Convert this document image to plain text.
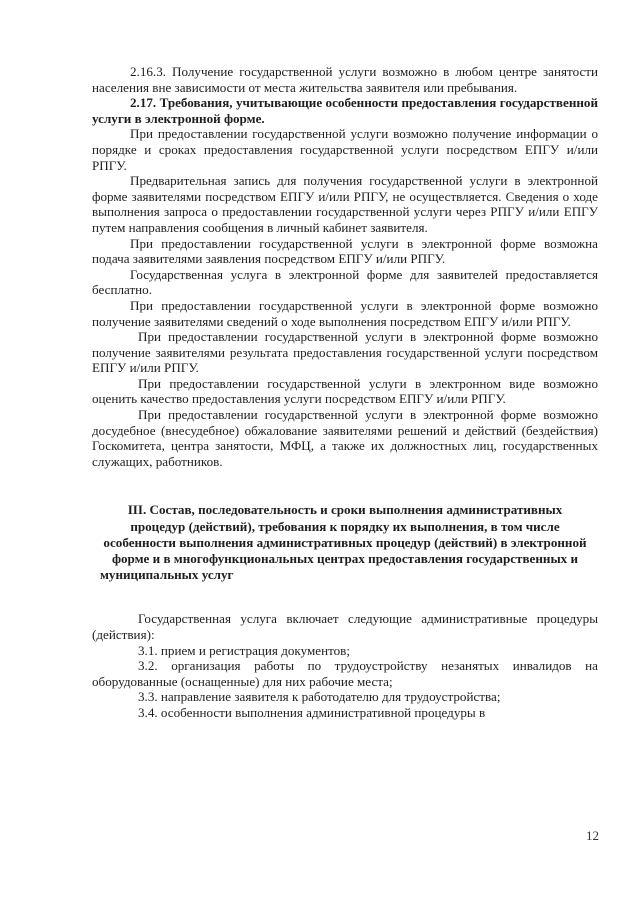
2.16.3. Получение государственной услуги возможно в любом центре занятости населения вне зависимости от места жительства заявителя или пребывания.

2.17. Требования, учитывающие особенности предоставления государственной услуги в электронной форме.

При предоставлении государственной услуги возможно получение информации о порядке и сроках предоставления государственной услуги посредством ЕПГУ и/или РПГУ.

Предварительная запись для получения государственной услуги в электронной форме заявителями посредством ЕПГУ и/или РПГУ, не осуществляется. Сведения о ходе выполнения запроса о предоставлении государственной услуги через РПГУ и/или ЕПГУ путем направления сообщения в личный кабинет заявителя.

При предоставлении государственной услуги в электронной форме возможна подача заявителями заявления посредством ЕПГУ и/или РПГУ.

Государственная услуга в электронной форме для заявителей предоставляется бесплатно.

При предоставлении государственной услуги в электронной форме возможно получение заявителями сведений о ходе выполнения посредством ЕПГУ и/или РПГУ.

При предоставлении государственной услуги в электронной форме возможно получение заявителями результата предоставления государственной услуги посредством ЕПГУ и/или РПГУ.

При предоставлении государственной услуги в электронном виде возможно оценить качество предоставления услуги посредством ЕПГУ и/или РПГУ.

При предоставлении государственной услуги в электронной форме возможно досудебное (внесудебное) обжалование заявителями решений и действий (бездействия) Госкомитета, центра занятости, МФЦ, а также их должностных лиц, государственных служащих, работников.

III. Состав, последовательность и сроки выполнения административных процедур (действий), требования к порядку их выполнения, в том числе особенности выполнения административных процедур (действий) в электронной форме и в многофункциональных центрах предоставления государственных и муниципальных услуг

Государственная услуга включает следующие административные процедуры (действия):

3.1. прием и регистрация документов;

3.2. организация работы по трудоустройству незанятых инвалидов на оборудованные (оснащенные) для них рабочие места;

3.3. направление заявителя к работодателю для трудоустройства;

3.4. особенности выполнения административной процедуры в

12
